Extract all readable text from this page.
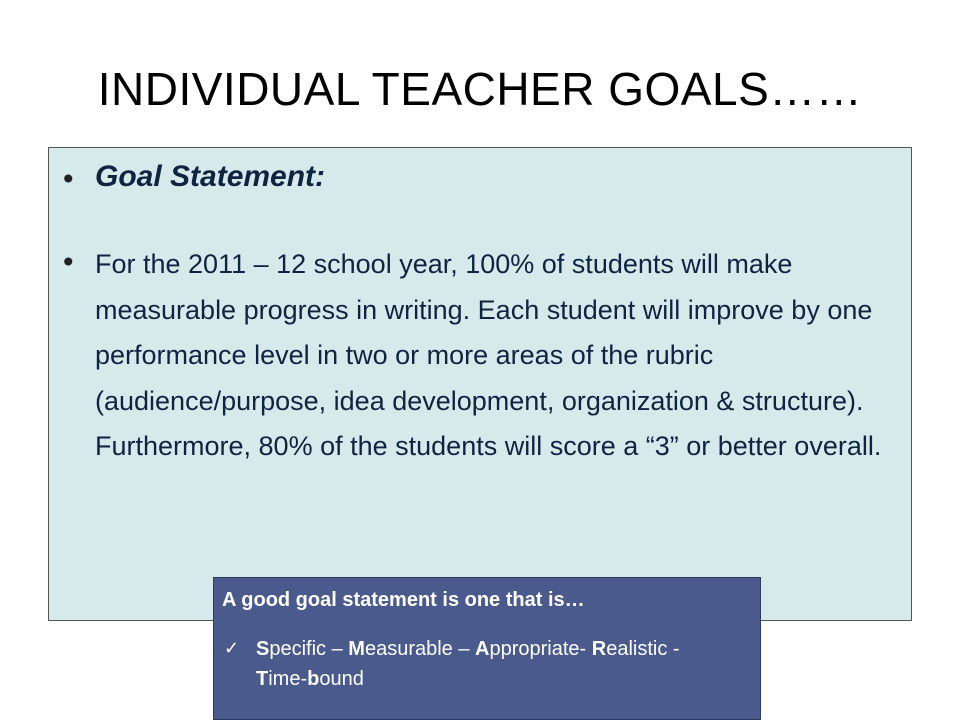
INDIVIDUAL TEACHER GOALS……
• Goal Statement:
• For the 2011 – 12 school year, 100% of students will make measurable progress in writing. Each student will improve by one performance level in two or more areas of the rubric (audience/purpose, idea development, organization & structure). Furthermore, 80% of the students will score a “3” or better overall.
A good goal statement is one that is…
✓ Specific – Measurable – Appropriate- Realistic - Time-bound
